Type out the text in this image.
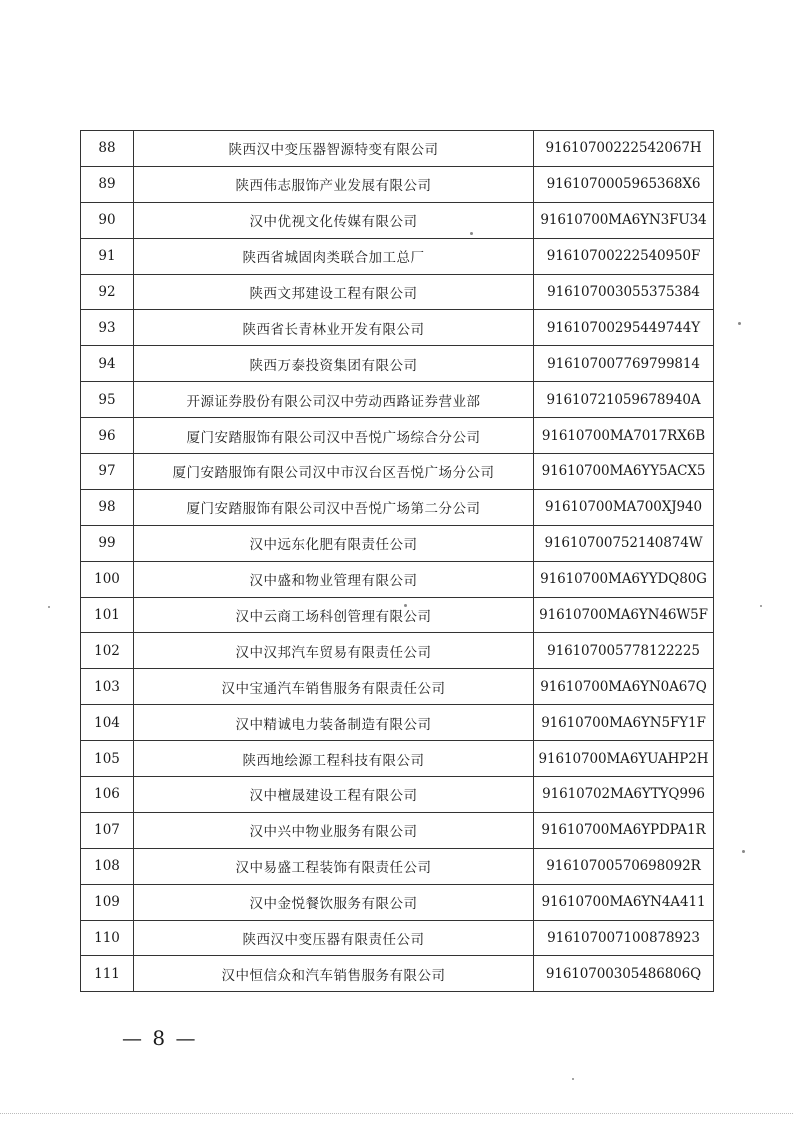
88	陕西汉中变压器智源特变有限公司	91610700222542067H
89	陕西伟志服饰产业发展有限公司	916107000596536​8X6
90	汉中优视文化传媒有限公司	91610700MA6YN3FU34
91	陕西省城固肉类联合加工总厂	91610700222540950F
92	陕西文邦建设工程有限公司	916107003055375384
93	陕西省长青林业开发有限公司	91610700295449744Y
94	陕西万泰投资集团有限公司	916107007769799814
95	开源证券股份有限公司汉中劳动西路证券营业部	91610721059678940A
96	厦门安踏服饰有限公司汉中吾悦广场综合分公司	91610700MA7017RX6B
97	厦门安踏服饰有限公司汉中市汉台区吾悦广场分公司	91610700MA6YY5ACX5
98	厦门安踏服饰有限公司汉中吾悦广场第二分公司	91610700MA700XJ940
99	汉中远东化肥有限责任公司	91610700752140874W
100	汉中盛和物业管理有限公司	91610700MA6YYDQ80G
101	汉中云商工场科创管理有限公司	91610700MA6YN46W5F
102	汉中汉邦汽车贸易有限责任公司	916107005778122225
103	汉中宝通汽车销售服务有限责任公司	91610700MA6YN0A67Q
104	汉中精诚电力装备制造有限公司	91610700MA6YN5FY1F
105	陕西地绘源工程科技有限公司	91610700MA6YUAHP2H
106	汉中檀晟建设工程有限公司	91610702MA6YTYQ996
107	汉中兴中物业服务有限公司	91610700MA6YPDPA1R
108	汉中易盛工程装饰有限责任公司	91610700570698092R
109	汉中金悦餐饮服务有限公司	91610700MA6YN4A411
110	陕西汉中变压器有限责任公司	916107007100878923
111	汉中恒信众和汽车销售服务有限公司	91610700305486806Q
— 8 —
